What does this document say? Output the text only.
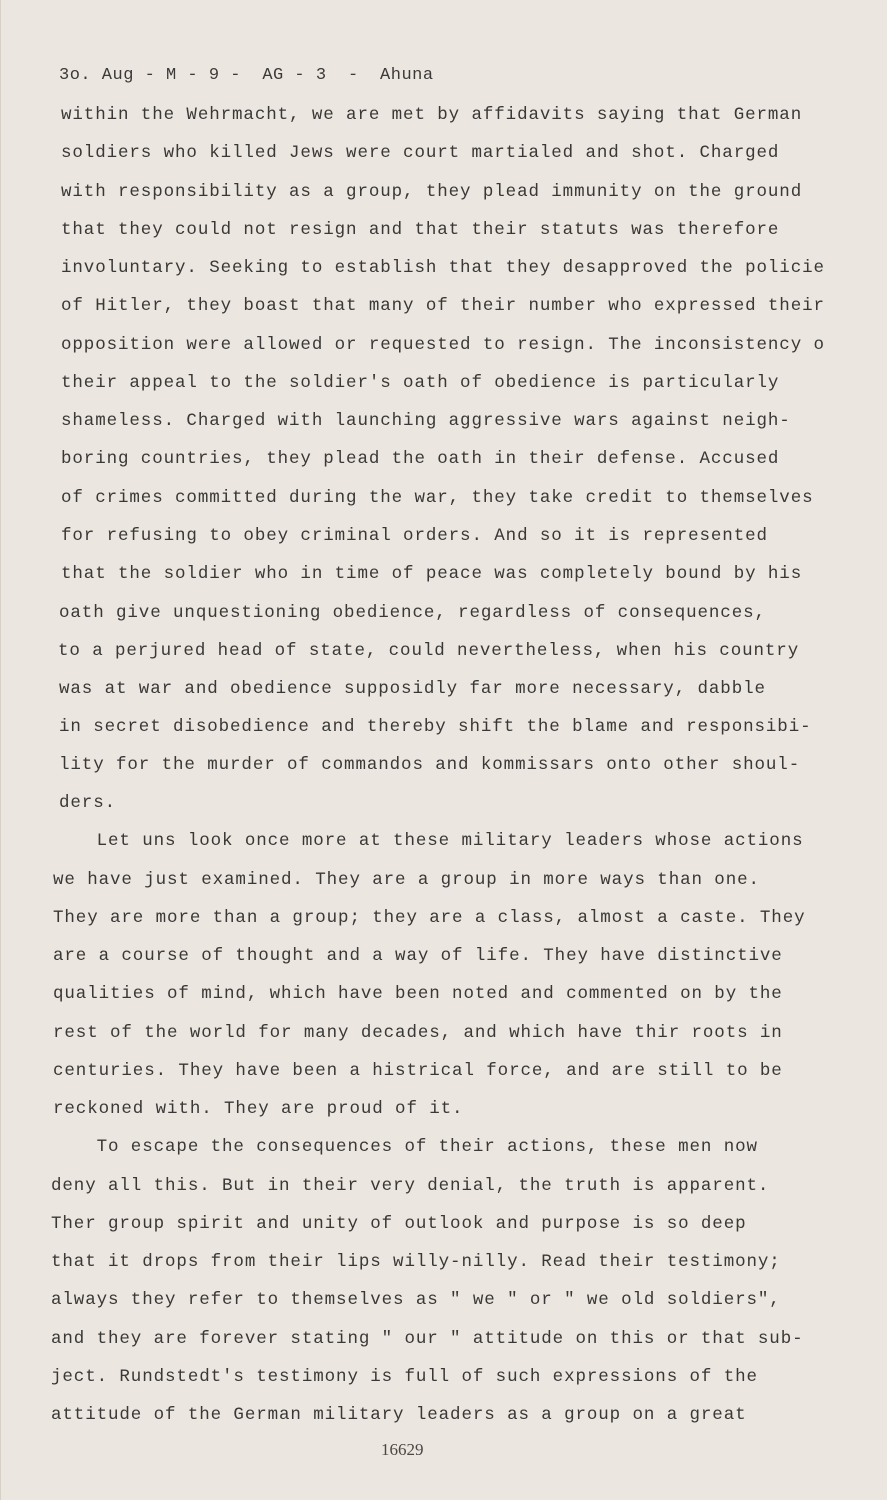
3o. Aug - M - 9 -  AG - 3  -  Ahuna
within the Wehrmacht, we are met by affidavits saying that German
soldiers who killed Jews were court martialed and shot. Charged
with responsibility as a group, they plead immunity on the ground
that they could not resign and that their statuts was therefore
involuntary. Seeking to establish that they desapproved the policie
of Hitler, they boast that many of their number who expressed their
opposition were allowed or requested to resign. The inconsistency o
their appeal to the soldier's oath of obedience is particularly
shameless. Charged with launching aggressive wars against neigh-
boring countries, they plead the oath in their defense. Accused
of crimes committed during the war, they take credit to themselves
for refusing to obey criminal orders. And so it is represented
that the soldier who in time of peace was completely bound by his
oath give unquestioning obedience, regardless of consequences,
to a perjured head of state, could nevertheless, when his country
was at war and obedience supposidly far more necessary, dabble
in secret disobedience and thereby shift the blame and responsibi-
lity for the murder of commandos and kommissars onto other shoul-
ders.
Let uns look once more at these military leaders whose actions
we have just examined. They are a group in more ways than one.
They are more than a group; they are a class, almost a caste. They
are a course of thought and a way of life. They have distinctive
qualities of mind, which have been noted and commented on by the
rest of the world for many decades, and which have thir roots in
centuries. They have been a histrical force, and are still to be
reckoned with. They are proud of it.
To escape the consequences of their actions, these men now
deny all this. But in their very denial, the truth is apparent.
Ther group spirit and unity of outlook and purpose is so deep
that it drops from their lips willy-nilly. Read their testimony;
always they refer to themselves as " we " or " we old soldiers",
and they are forever stating " our " attitude on this or that sub-
ject. Rundstedt's testimony is full of such expressions of the
attitude of the German military leaders as a group on a great
16629
